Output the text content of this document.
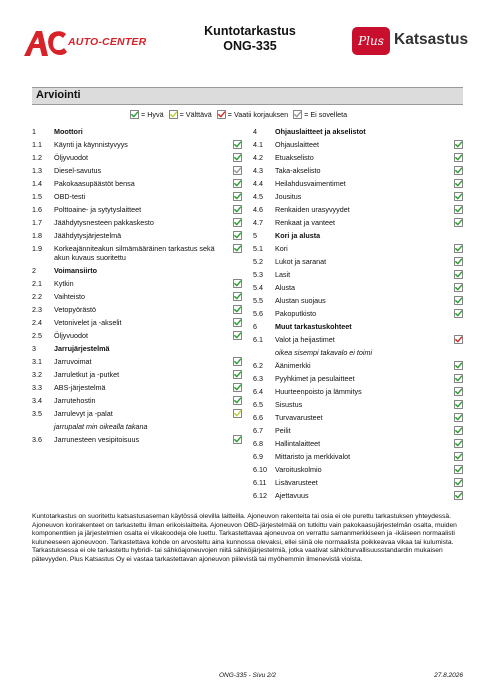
AUTO-CENTER
Kuntotarkastus
ONG-335	Plus Katsastus
Arviointi
= Hyvä = Välttävä = Vaatii korjauksen = Ei sovelleta
1	Moottori
1.1	Käynti ja käynnistyvyys
1.2	Öljyvuodot
1.3	Diesel-savutus
1.4	Pakokaasupäästöt bensa
1.5	OBD-testi
1.6	Polttoaine- ja sytytyslaitteet
1.7	Jäähdytysnesteen pakkaskesto
1.8	Jäähdytysjärjestelmä
1.9	Korkeajänniteakun silmämääräinen tarkastus sekä akun kuvaus suoritettu
2	Voimansiirto
2.1	Kytkin
2.2	Vaihteisto
2.3	Vetopyörästö
2.4	Vetonivelet ja -akselit
2.5	Öljyvuodot
3	Jarrujärjestelmä
3.1	Jarruvoimat
3.2	Jarruletkut ja -putket
3.3	ABS-järjestelmä
3.4	Jarrutehostin
3.5	Jarrulevyt ja -palat
jarrupalat min oikealla takana
3.6	Jarrunesteen vesipitoisuus
4	Ohjauslaitteet ja akselistot
4.1	Ohjauslaitteet
4.2	Etuakselisto
4.3	Taka-akselisto
4.4	Heilahdusvaimentimet
4.5	Jousitus
4.6	Renkaiden urasyvyydet
4.7	Renkaat ja vanteet
5	Kori ja alusta
5.1	Kori
5.2	Lukot ja saranat
5.3	Lasit
5.4	Alusta
5.5	Alustan suojaus
5.6	Pakoputkisto
6	Muut tarkastuskohteet
6.1	Valot ja heijastimet
oikea sisempi takavalo ei toimi
6.2	Äänimerkki
6.3	Pyyhkimet ja pesulaitteet
6.4	Huurteenpoisto ja lämmitys
6.5	Sisustus
6.6	Turvavarusteet
6.7	Peilit
6.8	Hallintalaitteet
6.9	Mittaristo ja merkkivalot
6.10	Varoituskolmio
6.11	Lisävarusteet
6.12	Ajettavuus
Kuntotarkastus on suoritettu katsastusaseman käytössä olevilla laitteilla. Ajoneuvon rakenteita tai osia ei ole purettu tarkastuksen yhteydessä. Ajoneuvon korirakenteet on tarkastettu ilman erikoislaitteita. Ajoneuvon OBD-järjestelmää on tutkittu vain pakokaasujärjestelmän osalta, muiden komponenttien ja järjestelmien osalta ei vikakoodeja ole luettu. Tarkastettavaa ajoneuvoa on verrattu samanmerkkiseen ja -ikäiseen normaalisti kuluneeseen ajoneuvoon. Tarkastettava kohde on arvosteltu aina kunnossa olevaksi, ellei siinä ole normaalista poikkeavaa vikaa tai kulumista. Tarkastuksessa ei ole tarkastettu hybridi- tai sähköajoneuvojen niitä sähköjärjestelmiä, jotka vaativat sähköturvallisuusstandardin mukaisen pätevyyden. Plus Katsastus Oy ei vastaa tarkastettavan ajoneuvon piilevistä tai myöhemmin ilmenevistä vioista.
ONG-335 - Sivu 2/2	27.8.2026
